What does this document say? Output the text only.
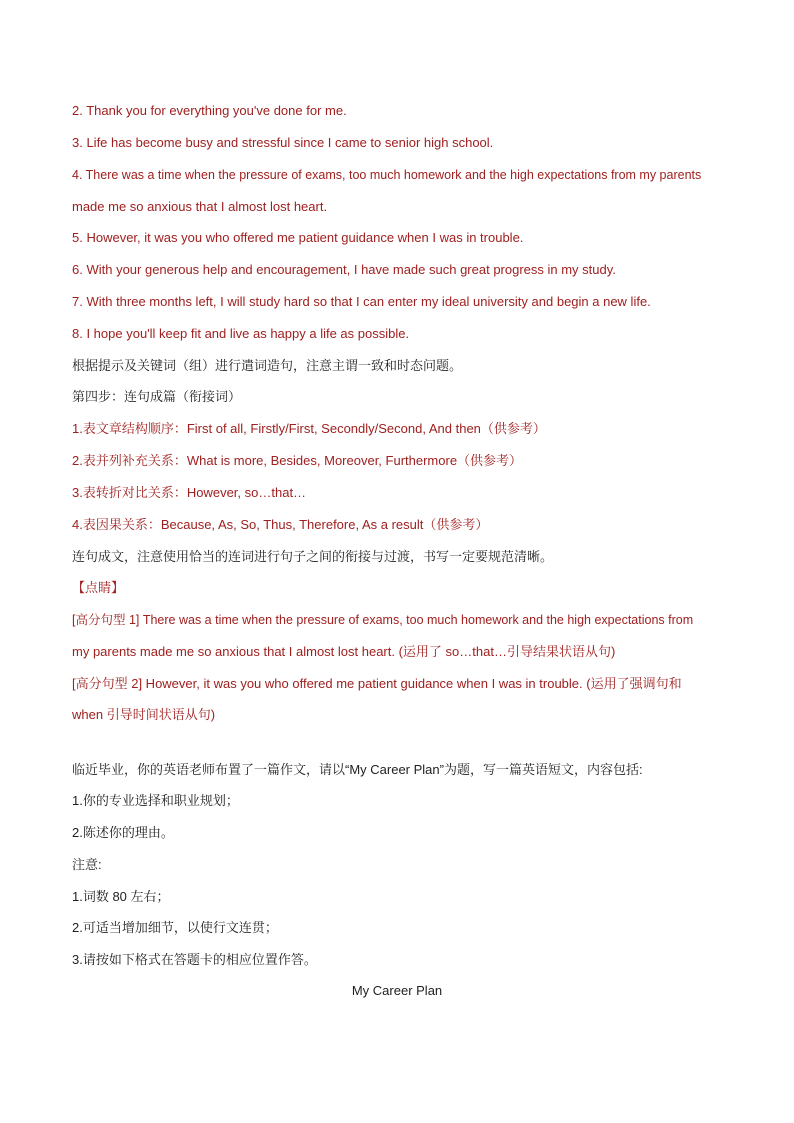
2. Thank you for everything you've done for me.
3. Life has become busy and stressful since I came to senior high school.
4. There was a time when the pressure of exams, too much homework and the high expectations from my parents
made me so anxious that I almost lost heart.
5. However, it was you who offered me patient guidance when I was in trouble.
6. With your generous help and encouragement, I have made such great progress in my study.
7. With three months left, I will study hard so that I can enter my ideal university and begin a new life.
8. I hope you'll keep fit and live as happy a life as possible.
根据提示及关键词（组）进行遣词造句，注意主谓一致和时态问题。
第四步：连句成篇（衔接词）
1.表文章结构顺序：First of all, Firstly/First, Secondly/Second, And then（供参考）
2.表并列补充关系：What is more, Besides, Moreover, Furthermore（供参考）
3.表转折对比关系：However, so…that…
4.表因果关系：Because, As, So, Thus, Therefore, As a result（供参考）
连句成文，注意使用恰当的连词进行句子之间的衔接与过渡，书写一定要规范清晰。
【点睛】
[高分句型 1] There was a time when the pressure of exams, too much homework and the high expectations from
my parents made me so anxious that I almost lost heart. (运用了 so…that…引导结果状语从句)
[高分句型 2] However, it was you who offered me patient guidance when I was in trouble. (运用了强调句和
when 引导时间状语从句)
临近毕业，你的英语老师布置了一篇作文，请以“My Career Plan”为题，写一篇英语短文，内容包括:
1.你的专业选择和职业规划；
2.陈述你的理由。
注意:
1.词数 80 左右；
2.可适当增加细节，以使行文连贯；
3.请按如下格式在答题卡的相应位置作答。
My Career Plan
